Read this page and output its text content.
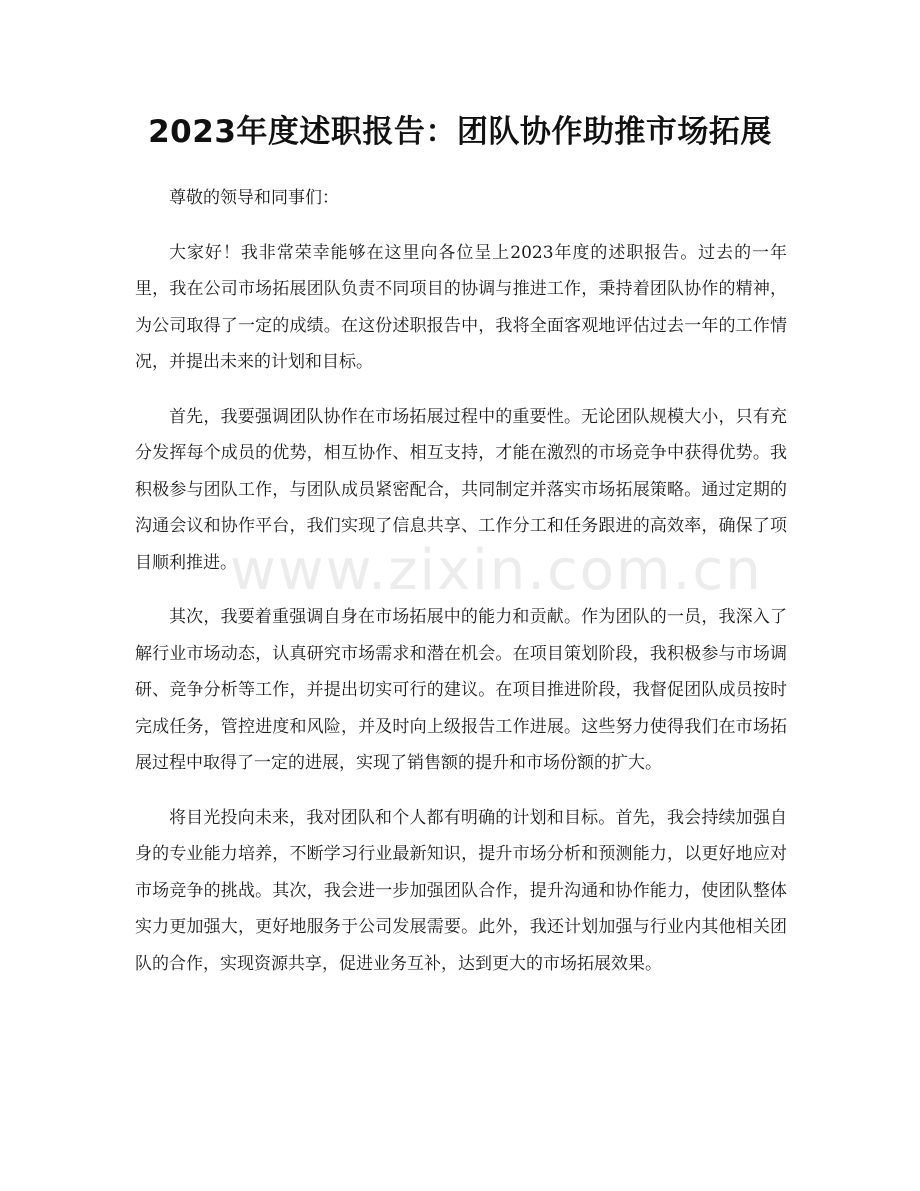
2023年度述职报告：团队协作助推市场拓展
www.zixin.com.cn

尊敬的领导和同事们：

大家好！我非常荣幸能够在这里向各位呈上2023年度的述职报告。过去的一年里，我在公司市场拓展团队负责不同项目的协调与推进工作，秉持着团队协作的精神，为公司取得了一定的成绩。在这份述职报告中，我将全面客观地评估过去一年的工作情况，并提出未来的计划和目标。

首先，我要强调团队协作在市场拓展过程中的重要性。无论团队规模大小，只有充分发挥每个成员的优势，相互协作、相互支持，才能在激烈的市场竞争中获得优势。我积极参与团队工作，与团队成员紧密配合，共同制定并落实市场拓展策略。通过定期的沟通会议和协作平台，我们实现了信息共享、工作分工和任务跟进的高效率，确保了项目顺利推进。

其次，我要着重强调自身在市场拓展中的能力和贡献。作为团队的一员，我深入了解行业市场动态，认真研究市场需求和潜在机会。在项目策划阶段，我积极参与市场调研、竞争分析等工作，并提出切实可行的建议。在项目推进阶段，我督促团队成员按时完成任务，管控进度和风险，并及时向上级报告工作进展。这些努力使得我们在市场拓展过程中取得了一定的进展，实现了销售额的提升和市场份额的扩大。

将目光投向未来，我对团队和个人都有明确的计划和目标。首先，我会持续加强自身的专业能力培养，不断学习行业最新知识，提升市场分析和预测能力，以更好地应对市场竞争的挑战。其次，我会进一步加强团队合作，提升沟通和协作能力，使团队整体实力更加强大，更好地服务于公司发展需要。此外，我还计划加强与行业内其他相关团队的合作，实现资源共享，促进业务互补，达到更大的市场拓展效果。
